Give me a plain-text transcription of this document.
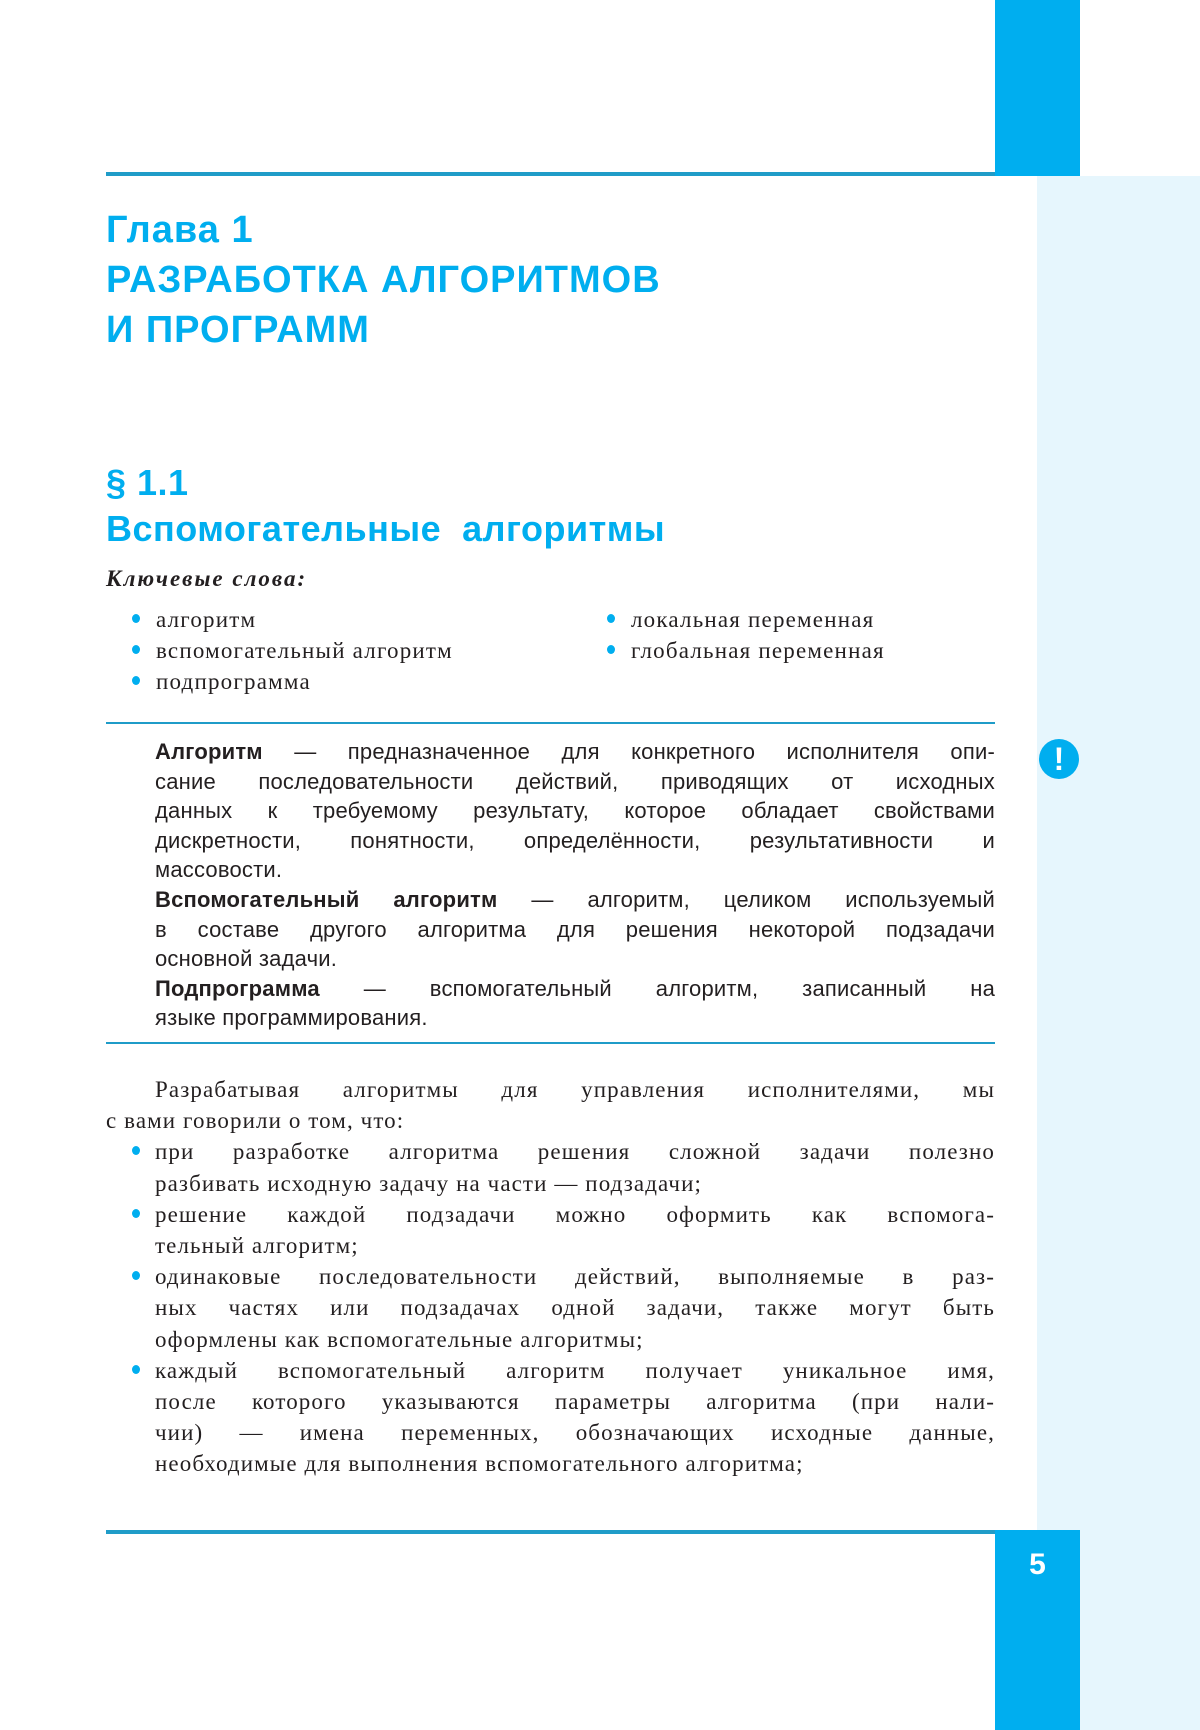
Глава 1
РАЗРАБОТКА АЛГОРИТМОВ
И ПРОГРАММ
§ 1.1
Вспомогательные  алгоритмы
Ключевые слова:
алгоритм
вспомогательный алгоритм
подпрограмма
локальная переменная
глобальная переменная
!
Алгоритм — предназначенное для конкретного исполнителя опи-
сание последовательности действий, приводящих от исходных
данных к требуемому результату, которое обладает свойствами
дискретности, понятности, определённости, результативности и
массовости.
Вспомогательный алгоритм — алгоритм, целиком используемый
в составе другого алгоритма для решения некоторой подзадачи
основной задачи.
Подпрограмма — вспомогательный алгоритм, записанный на
языке программирования.
Разрабатывая алгоритмы для управления исполнителями, мы
с вами говорили о том, что:
при разработке алгоритма решения сложной задачи полезно
разбивать исходную задачу на части — подзадачи;
решение каждой подзадачи можно оформить как вспомога-
тельный алгоритм;
одинаковые последовательности действий, выполняемые в раз-
ных частях или подзадачах одной задачи, также могут быть
оформлены как вспомогательные алгоритмы;
каждый вспомогательный алгоритм получает уникальное имя,
после которого указываются параметры алгоритма (при нали-
чии) — имена переменных, обозначающих исходные данные,
необходимые для выполнения вспомогательного алгоритма;
5
